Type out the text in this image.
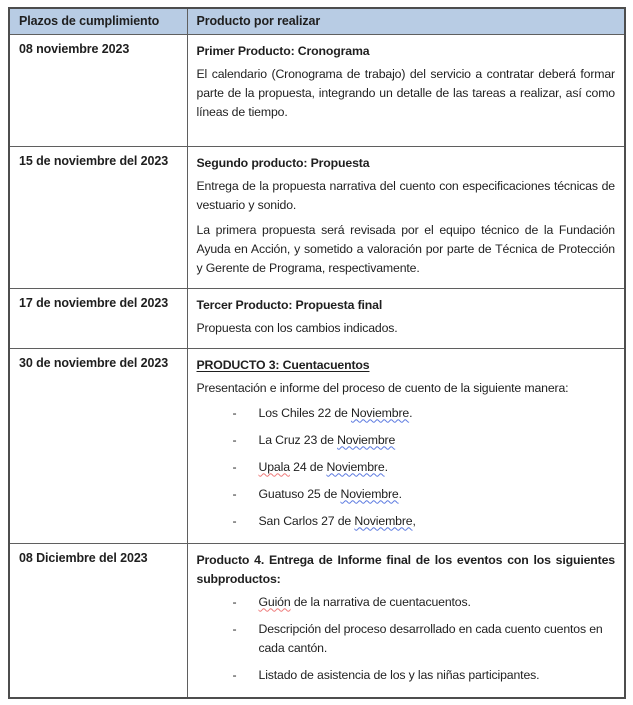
Plazos de cumplimiento	Producto por realizar
08 noviembre 2023	Primer Producto: Cronograma

El calendario (Cronograma de trabajo) del servicio a contratar deberá formar parte de la propuesta, integrando un detalle de las tareas a realizar, así como líneas de tiempo.

15 de noviembre del 2023	Segundo producto: Propuesta

Entrega de la propuesta narrativa del cuento con especificaciones técnicas de vestuario y sonido.

La primera propuesta será revisada por el equipo técnico de la Fundación Ayuda en Acción, y sometido a valoración por parte de Técnica de Protección y Gerente de Programa, respectivamente.

17 de noviembre del 2023	Tercer Producto: Propuesta final

Propuesta con los cambios indicados.

30 de noviembre del 2023	PRODUCTO 3: Cuentacuentos

Presentación e informe del proceso de cuento de la siguiente manera:

-	Los Chiles 22 de Noviembre.
-	La Cruz 23 de Noviembre
-	Upala 24 de Noviembre.
-	Guatuso 25 de Noviembre.
-	San Carlos 27 de Noviembre,

08 Diciembre del 2023	Producto 4. Entrega de Informe final de los eventos con los siguientes subproductos:

-	Guión de la narrativa de cuentacuentos.
-	Descripción del proceso desarrollado en cada cuento cuentos en cada cantón.
-	Listado de asistencia de los y las niñas participantes.
